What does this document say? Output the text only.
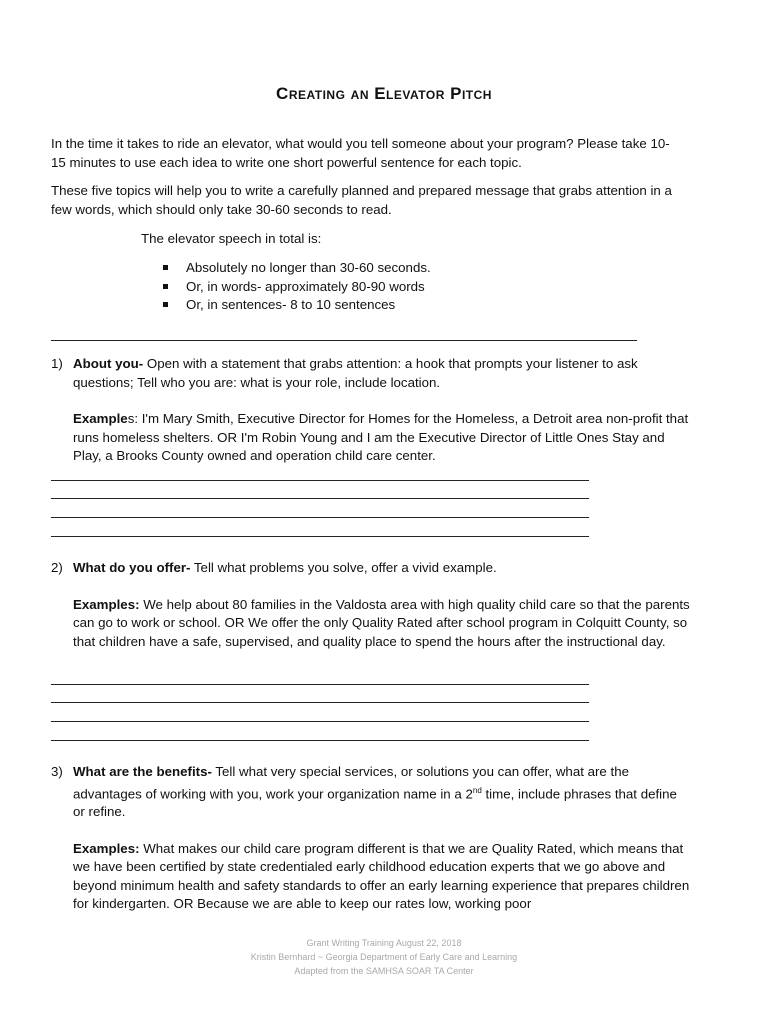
Creating an Elevator Pitch
In the time it takes to ride an elevator, what would you tell someone about your program? Please take 10-15 minutes to use each idea to write one short powerful sentence for each topic.
These five topics will help you to write a carefully planned and prepared message that grabs attention in a few words, which should only take 30-60 seconds to read.
The elevator speech in total is:
Absolutely no longer than 30-60 seconds.
Or, in words- approximately 80-90 words
Or, in sentences- 8 to 10 sentences
1) About you- Open with a statement that grabs attention: a hook that prompts your listener to ask questions; Tell who you are: what is your role, include location.
Examples: I'm Mary Smith, Executive Director for Homes for the Homeless, a Detroit area non-profit that runs homeless shelters. OR I'm Robin Young and I am the Executive Director of Little Ones Stay and Play, a Brooks County owned and operation child care center.
2) What do you offer- Tell what problems you solve, offer a vivid example.
Examples: We help about 80 families in the Valdosta area with high quality child care so that the parents can go to work or school. OR We offer the only Quality Rated after school program in Colquitt County, so that children have a safe, supervised, and quality place to spend the hours after the instructional day.
3) What are the benefits- Tell what very special services, or solutions you can offer, what are the advantages of working with you, work your organization name in a 2nd time, include phrases that define or refine.
Examples: What makes our child care program different is that we are Quality Rated, which means that we have been certified by state credentialed early childhood education experts that we go above and beyond minimum health and safety standards to offer an early learning experience that prepares children for kindergarten. OR Because we are able to keep our rates low, working poor
Grant Writing Training August 22, 2018
Kristin Bernhard ~ Georgia Department of Early Care and Learning
Adapted from the SAMHSA SOAR TA Center
